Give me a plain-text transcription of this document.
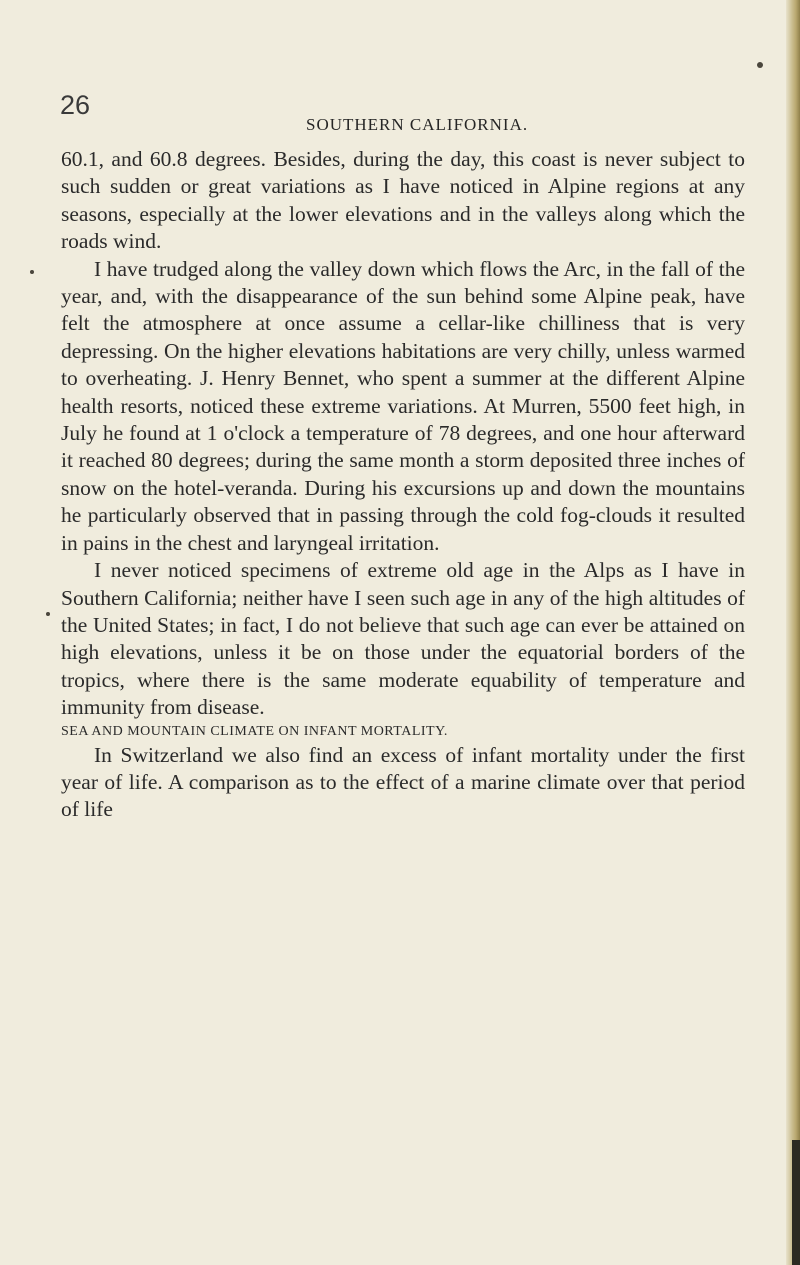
26
SOUTHERN CALIFORNIA.

60.1, and 60.8 degrees. Besides, during the day, this coast is never subject to such sudden or great variations as I have noticed in Alpine regions at any seasons, especially at the lower elevations and in the valleys along which the roads wind.

I have trudged along the valley down which flows the Arc, in the fall of the year, and, with the disappearance of the sun behind some Alpine peak, have felt the atmosphere at once assume a cellar-like chilliness that is very depressing. On the higher elevations habitations are very chilly, unless warmed to overheating. J. Henry Bennet, who spent a summer at the different Alpine health resorts, noticed these extreme variations. At Murren, 5500 feet high, in July he found at 1 o'clock a temperature of 78 degrees, and one hour afterward it reached 80 degrees; during the same month a storm deposited three inches of snow on the hotel-veranda. During his excursions up and down the mountains he particularly observed that in passing through the cold fog-clouds it resulted in pains in the chest and laryngeal irritation.

I never noticed specimens of extreme old age in the Alps as I have in Southern California; neither have I seen such age in any of the high altitudes of the United States; in fact, I do not believe that such age can ever be attained on high elevations, unless it be on those under the equatorial borders of the tropics, where there is the same moderate equability of temperature and immunity from disease.

SEA AND MOUNTAIN CLIMATE ON INFANT MORTALITY.

In Switzerland we also find an excess of infant mortality under the first year of life. A comparison as to the effect of a marine climate over that period of life
